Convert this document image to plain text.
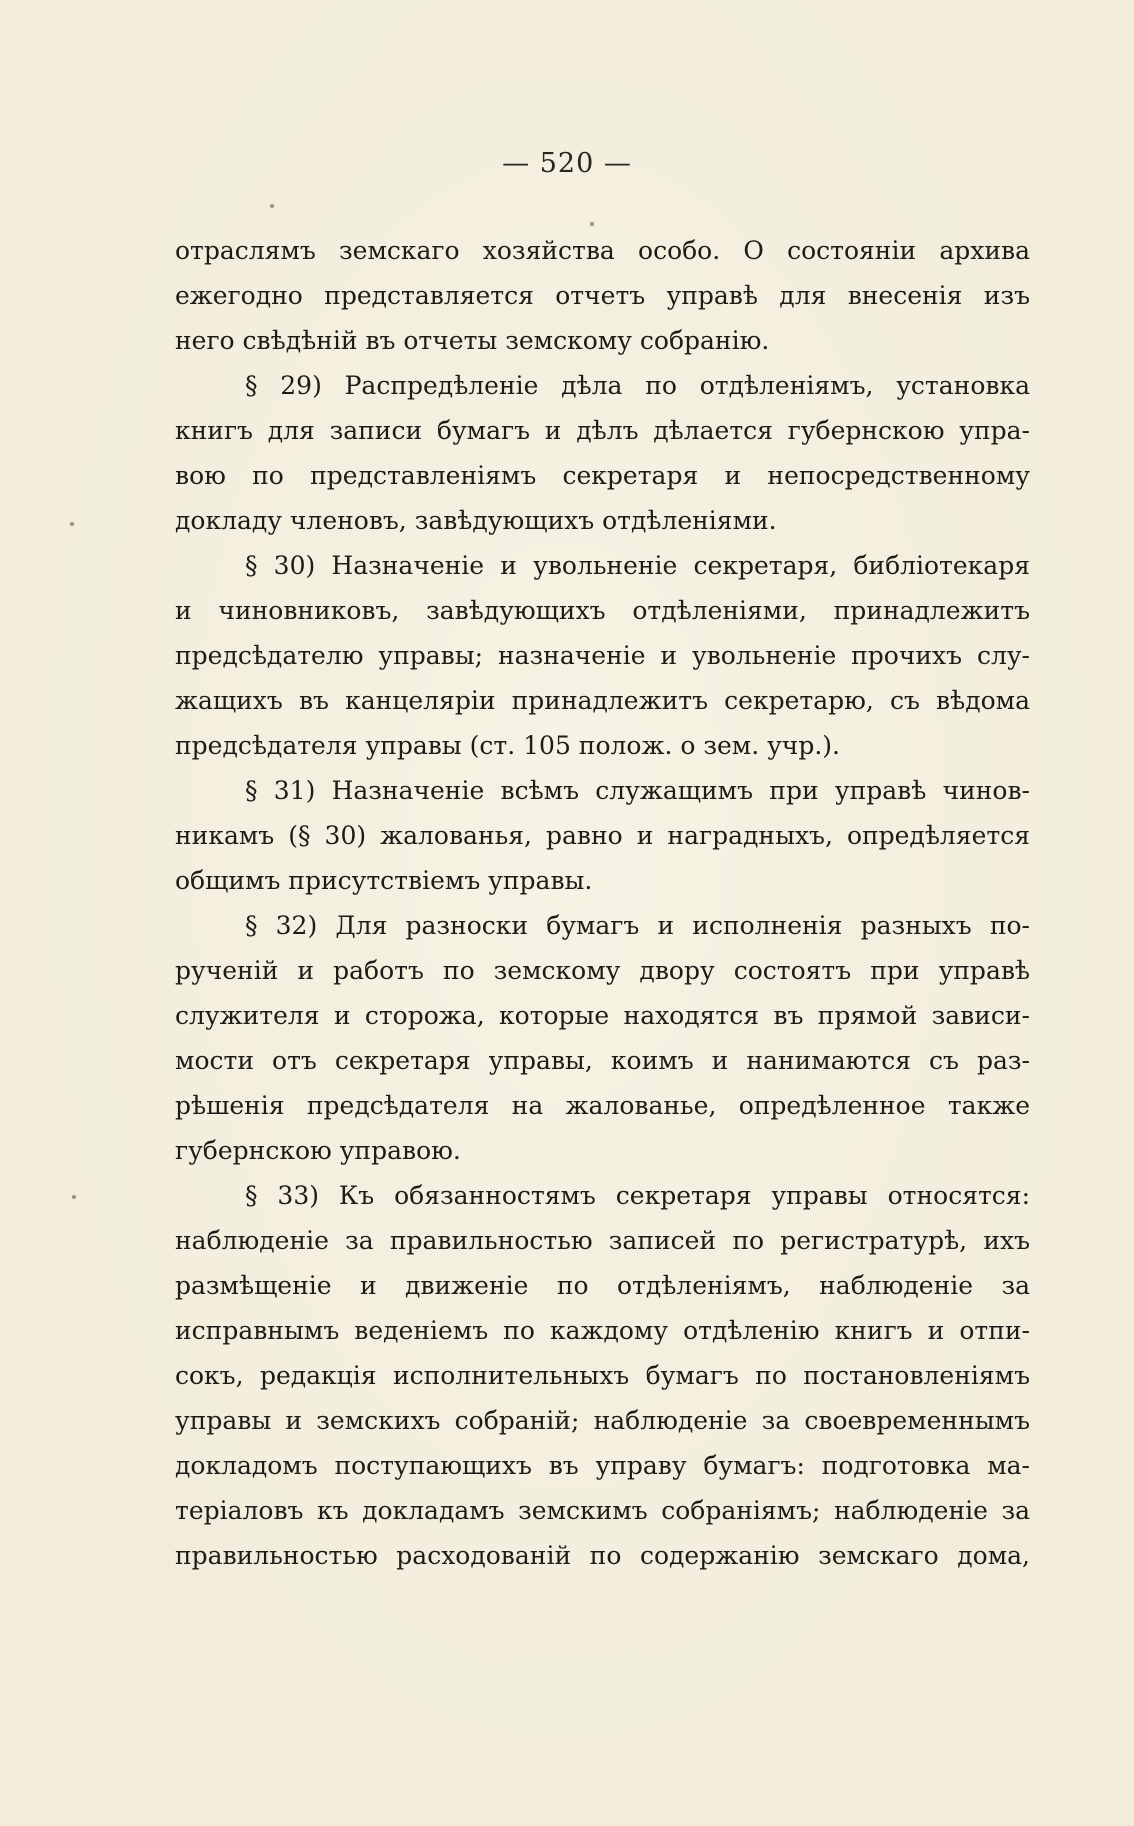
— 520 —
отраслямъ земскаго хозяйства особо. О состояніи архива
ежегодно представляется отчетъ управѣ для внесенія изъ
него свѣдѣній въ отчеты земскому собранію.
§ 29) Распредѣленіе дѣла по отдѣленіямъ, установка
книгъ для записи бумагъ и дѣлъ дѣлается губернскою упра-
вою по представленіямъ секретаря и непосредственному
докладу членовъ, завѣдующихъ отдѣленіями.
§ 30) Назначеніе и увольненіе секретаря, библіотекаря
и чиновниковъ, завѣдующихъ отдѣленіями, принадлежитъ
предсѣдателю управы; назначеніе и увольненіе прочихъ слу-
жащихъ въ канцеляріи принадлежитъ секретарю, съ вѣдома
предсѣдателя управы (ст. 105 полож. о зем. учр.).
§ 31) Назначеніе всѣмъ служащимъ при управѣ чинов-
никамъ (§ 30) жалованья, равно и наградныхъ, опредѣляется
общимъ присутствіемъ управы.
§ 32) Для разноски бумагъ и исполненія разныхъ по-
рученій и работъ по земскому двору состоятъ при управѣ
служителя и сторожа, которые находятся въ прямой зависи-
мости отъ секретаря управы, коимъ и нанимаются съ раз-
рѣшенія предсѣдателя на жалованье, опредѣленное также
губернскою управою.
§ 33) Къ обязанностямъ секретаря управы относятся:
наблюденіе за правильностью записей по регистратурѣ, ихъ
размѣщеніе и движеніе по отдѣленіямъ, наблюденіе за
исправнымъ веденіемъ по каждому отдѣленію книгъ и отпи-
сокъ, редакція исполнительныхъ бумагъ по постановленіямъ
управы и земскихъ собраній; наблюденіе за своевременнымъ
докладомъ поступающихъ въ управу бумагъ: подготовка ма-
теріаловъ къ докладамъ земскимъ собраніямъ; наблюденіе за
правильностью расходованій по содержанію земскаго дома,
